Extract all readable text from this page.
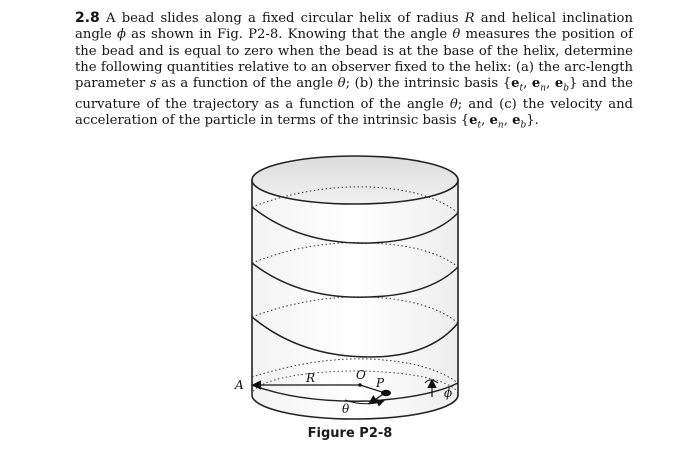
2.8 A bead slides along a fixed circular helix of radius R and helical inclination angle ϕ as shown in Fig. P2-8. Knowing that the angle θ measures the position of the bead and is equal to zero when the bead is at the base of the helix, determine the following quantities relative to an observer fixed to the helix: (a) the arc-length parameter s as a function of the angle θ; (b) the intrinsic basis {$e_t$, $e_n$, $e_b$} and the curvature of the trajectory as a function of the angle θ; and (c) the velocity and acceleration of the particle in terms of the intrinsic basis {$e_t$, $e_n$, $e_b$}.
A	R	O
P
θ
ϕ
Figure P2-8
